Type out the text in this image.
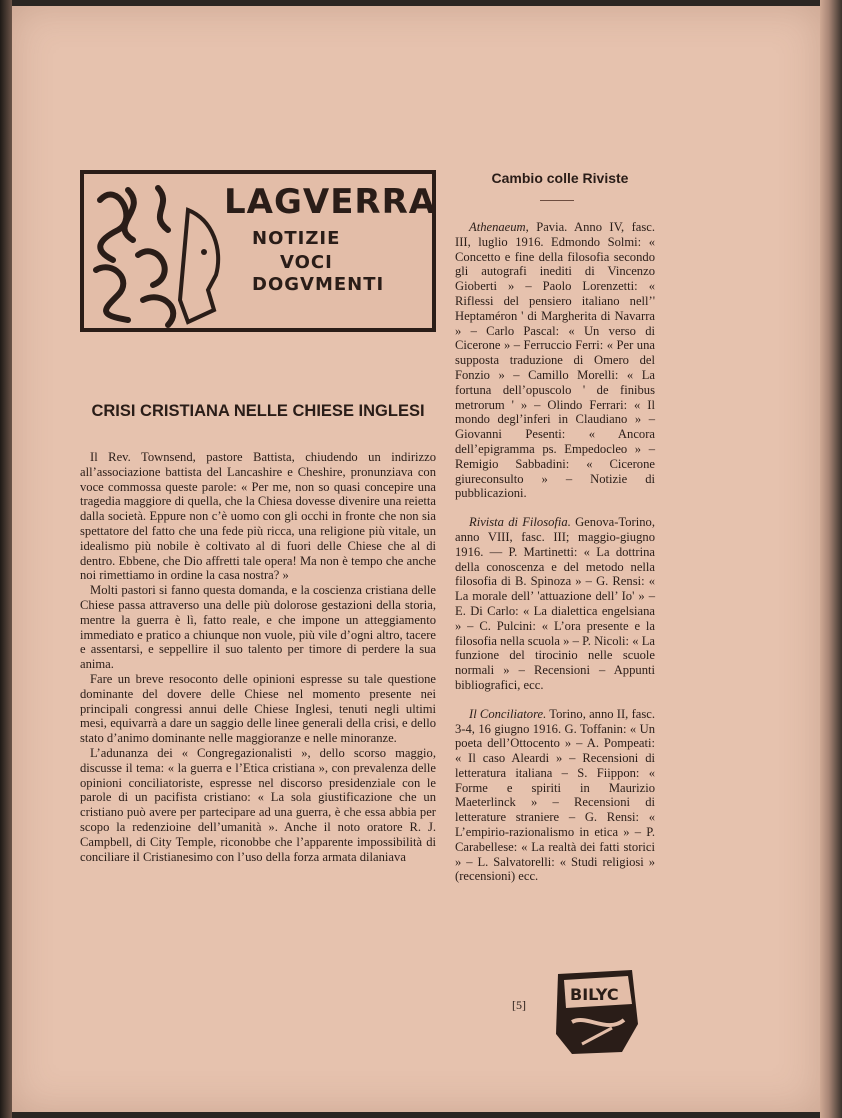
LAGVERRA
NOTIZIE
VOCI
DOGVMENTI
CRISI CRISTIANA NELLE CHIESE INGLESI

Il Rev. Townsend, pastore Battista, chiudendo un indirizzo all’associazione battista del Lancashire e Cheshire, pronunziava con voce commossa queste parole: « Per me, non so quasi concepire una tragedia maggiore di quella, che la Chiesa dovesse divenire una reietta dalla società. Eppure non c’è uomo con gli occhi in fronte che non sia spettatore del fatto che una fede più ricca, una religione più vitale, un idealismo più nobile è coltivato al di fuori delle Chiese che al di dentro. Ebbene, che Dio affretti tale opera! Ma non è tempo che anche noi rimettiamo in ordine la casa nostra? »

Molti pastori si fanno questa domanda, e la coscienza cristiana delle Chiese passa attraverso una delle più dolorose gestazioni della storia, mentre la guerra è lì, fatto reale, e che impone un atteggiamento immediato e pratico a chiunque non vuole, più vile d’ogni altro, tacere e assentarsi, e seppellire il suo talento per timore di perdere la sua anima.

Fare un breve resoconto delle opinioni espresse su tale questione dominante del dovere delle Chiese nel momento presente nei principali congressi annui delle Chiese Inglesi, tenuti negli ultimi mesi, equivarrà a dare un saggio delle linee generali della crisi, e dello stato d’animo dominante nelle maggioranze e nelle minoranze.

L’adunanza dei « Congregazionalisti », dello scorso maggio, discusse il tema: « la guerra e l’Etica cristiana », con prevalenza delle opinioni conciliatoriste, espresse nel discorso presidenziale con le parole di un pacifista cristiano: « La sola giustificazione che un cristiano può avere per partecipare ad una guerra, è che essa abbia per scopo la redenzioine dell’umanità ». Anche il noto oratore R. J. Campbell, di City Temple, riconobbe che l’apparente impossibilità di conciliare il Cristianesimo con l’uso della forza armata dilaniava

Cambio colle Riviste

Athenaeum, Pavia. Anno IV, fasc. III, luglio 1916. Edmondo Solmi: « Concetto e fine della filosofia secondo gli autografi inediti di Vincenzo Gioberti » – Paolo Lorenzetti: « Riflessi del pensiero italiano nell’' Heptaméron ' di Margherita di Navarra » – Carlo Pascal: « Un verso di Cicerone » – Ferruccio Ferri: « Per una supposta traduzione di Omero del Fonzio » – Camillo Morelli: « La fortuna dell’opuscolo ' de finibus metrorum ' » – Olindo Ferrari: « Il mondo degl’inferi in Claudiano » – Giovanni Pesenti: « Ancora dell’epigramma ps. Empedocleo » – Remigio Sabbadini: « Cicerone giureconsulto » – Notizie di pubblicazioni.

Rivista di Filosofia. Genova-Torino, anno VIII, fasc. III; maggio-giugno 1916. — P. Martinetti: « La dottrina della conoscenza e del metodo nella filosofia di B. Spinoza » – G. Rensi: « La morale dell’ 'attuazione dell’ Io' » – E. Di Carlo: « La dialettica engelsiana » – C. Pulcini: « L’ora presente e la filosofia nella scuola » – P. Nicoli: « La funzione del tirocinio nelle scuole normali » – Recensioni – Appunti bibliografici, ecc.

Il Conciliatore. Torino, anno II, fasc. 3-4, 16 giugno 1916. G. Toffanin: « Un poeta dell’Ottocento » – A. Pompeati: « Il caso Aleardi » – Recensioni di letteratura italiana – S. Fiippon: « Forme e spiriti in Maurizio Maeterlinck » – Recensioni di letterature straniere – G. Rensi: « L’empirio-razionalismo in etica » – P. Carabellese: « La realtà dei fatti storici » – L. Salvatorelli: « Studi religiosi » (recensioni) ecc.

[5]
BILYC
